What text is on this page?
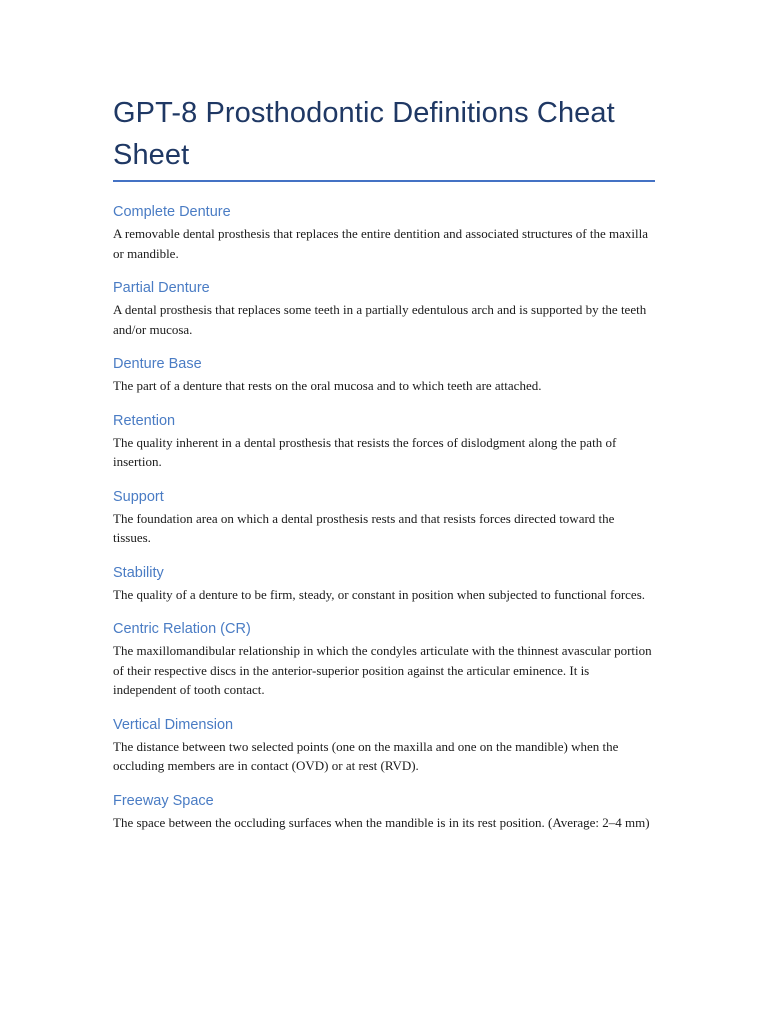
GPT-8 Prosthodontic Definitions Cheat Sheet
Complete Denture

A removable dental prosthesis that replaces the entire dentition and associated structures of the maxilla or mandible.

Partial Denture

A dental prosthesis that replaces some teeth in a partially edentulous arch and is supported by the teeth and/or mucosa.

Denture Base

The part of a denture that rests on the oral mucosa and to which teeth are attached.

Retention

The quality inherent in a dental prosthesis that resists the forces of dislodgment along the path of insertion.

Support

The foundation area on which a dental prosthesis rests and that resists forces directed toward the tissues.

Stability

The quality of a denture to be firm, steady, or constant in position when subjected to functional forces.

Centric Relation (CR)

The maxillomandibular relationship in which the condyles articulate with the thinnest avascular portion of their respective discs in the anterior-superior position against the articular eminence. It is independent of tooth contact.

Vertical Dimension

The distance between two selected points (one on the maxilla and one on the mandible) when the occluding members are in contact (OVD) or at rest (RVD).

Freeway Space

The space between the occluding surfaces when the mandible is in its rest position. (Average: 2–4 mm)
